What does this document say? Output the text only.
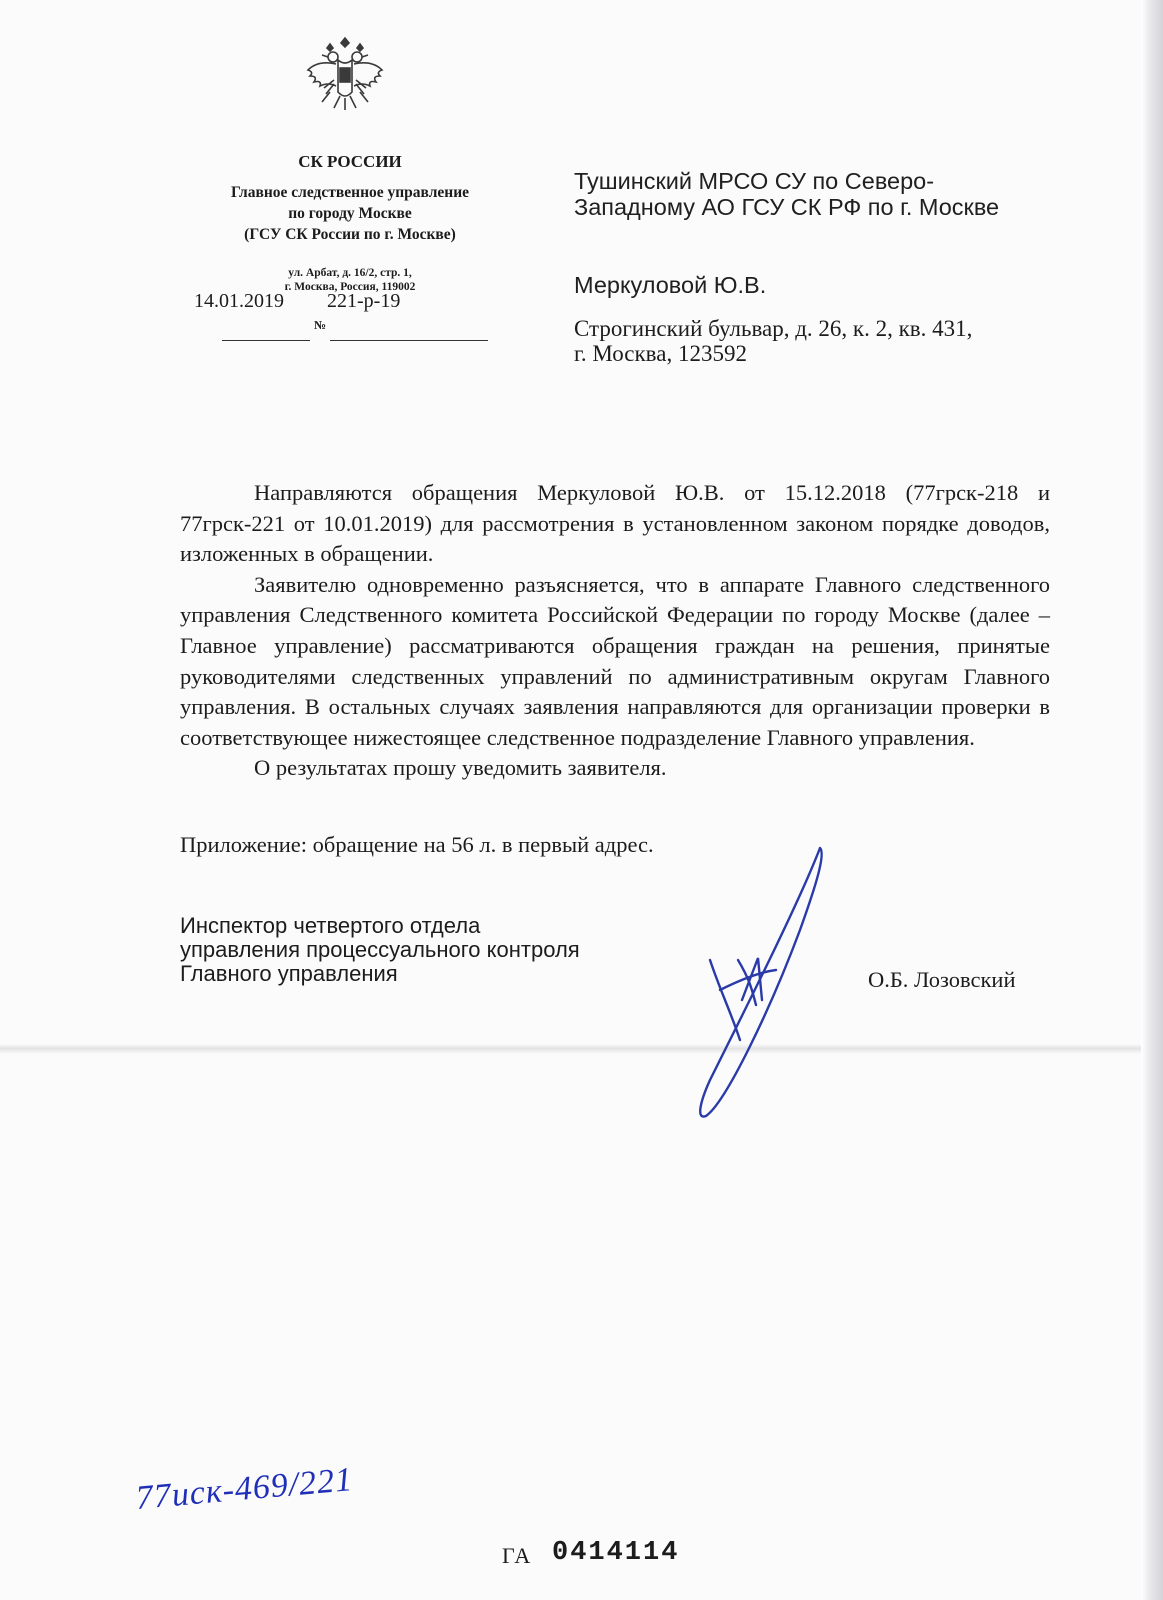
СК РОССИИ
Главное следственное управление
по городу Москве
(ГСУ СК России по г. Москве)
ул. Арбат, д. 16/2, стр. 1,
г. Москва, Россия, 119002
14.01.2019 221-р-19
№
Тушинский МРСО СУ по Северо-
Западному АО ГСУ СК РФ по г. Москве
Меркуловой Ю.В.
Строгинский бульвар, д. 26, к. 2, кв. 431,
г. Москва, 123592

Направляются обращения Меркуловой Ю.В. от 15.12.2018 (77грск-218 и 77грск-221 от 10.01.2019) для рассмотрения в установленном законом порядке доводов, изложенных в обращении.

Заявителю одновременно разъясняется, что в аппарате Главного следственного управления Следственного комитета Российской Федерации по городу Москве (далее – Главное управление) рассматриваются обращения граждан на решения, принятые руководителями следственных управлений по административным округам Главного управления. В остальных случаях заявления направляются для организации проверки в соответствующее нижестоящее следственное подразделение Главного управления.

О результатах прошу уведомить заявителя.

Приложение: обращение на 56 л. в первый адрес.
Инспектор четвертого отдела
управления процессуального контроля
Главного управления	О.Б. Лозовский
77иск-469/221
ГА 0414114
